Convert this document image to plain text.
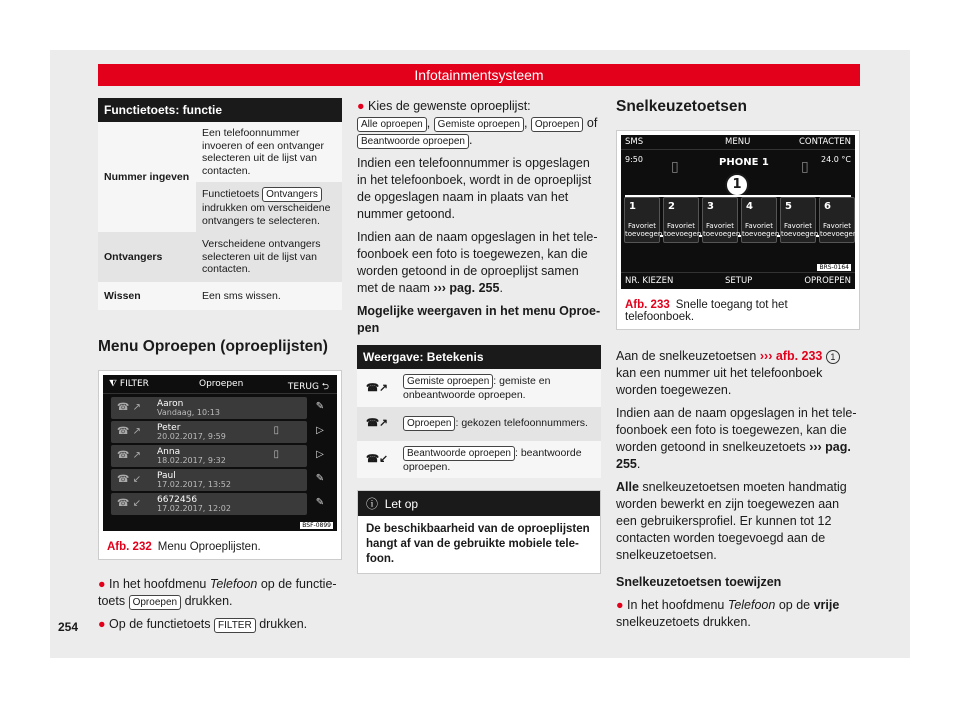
Infotainmentsysteem
Functietoets: functie
Nummer ingeven	Een telefoonnummer invoeren of een ontvanger selecteren uit de lijst van contacten.
	Functietoets Ontvangers indrukken om verscheidene ontvangers te selecteren.
Ontvangers	Verscheidene ontvangers selecteren uit de lijst van contacten.
Wissen	Een sms wissen.
Menu Oproepen (oproeplijsten)
⧨ FILTER	Oproepen	TERUG ⮌
☎ ↗ Aaron
Vandaag, 10:13
✎
☎ ↗ Peter
20.02.2017, 9:59
▯	▷
☎ ↗ Anna
18.02.2017, 9:32
▯	▷
☎ ↙ Paul
17.02.2017, 13:52
✎
☎ ↙ 6672456
17.02.2017, 12:02
✎
BSF-0899
Afb. 232 Menu Oproeplijsten.

● In het hoofdmenu Telefoon op de functietoets Oproepen drukken.

● Op de functietoets FILTER drukken.

● Kies de gewenste oproeplijst: Alle oproepen , Gemiste oproepen , Oproepen of Beantwoorde oproepen .

Indien een telefoonnummer is opgeslagen in het telefoonboek, wordt in de oproeplijst de opgeslagen naam in plaats van het nummer getoond.

Indien aan de naam opgeslagen in het telefoonboek een foto is toegewezen, kan die worden getoond in de oproeplijst samen met de naam ››› pag. 255.

Mogelijke weergaven in het menu Oproepen

Weergave: Betekenis
☎↗	Gemiste oproepen : gemiste en onbeantwoorde oproepen.
☎↗	Oproepen : gekozen telefoonnummers.
☎↙	Beantwoorde oproepen : beantwoorde oproepen.
ⓘ Let op
De beschikbaarheid van de oproeplijsten hangt af van de gebruikte mobiele telefoon.
Snelkeuzetoetsen
SMS	MENU	CONTACTEN
9:50 ▯	PHONE 1 ▯ 24.0 °C
1
1
Favoriet toevoegen
2
Favoriet toevoegen
3
Favoriet toevoegen
4
Favoriet toevoegen
5
Favoriet toevoegen
6
Favoriet toevoegen
NR. KIEZEN	SETUP	OPROEPEN
BRS-0164
Afb. 233 Snelle toegang tot het telefoonboek.

Aan de snelkeuzetoetsen ››› afb. 233 1 kan een nummer uit het telefoonboek worden toegewezen.

Indien aan de naam opgeslagen in het telefoonboek een foto is toegewezen, kan die worden getoond in snelkeuzetoets ››› pag. 255.

Alle snelkeuzetoetsen moeten handmatig worden bewerkt en zijn toegewezen aan een gebruikersprofiel. Er kunnen tot 12 contacten worden toegevoegd aan de snelkeuzetoetsen.

Snelkeuzetoetsen toewijzen

● In het hoofdmenu Telefoon op de vrije snelkeuzetoets drukken.

254
